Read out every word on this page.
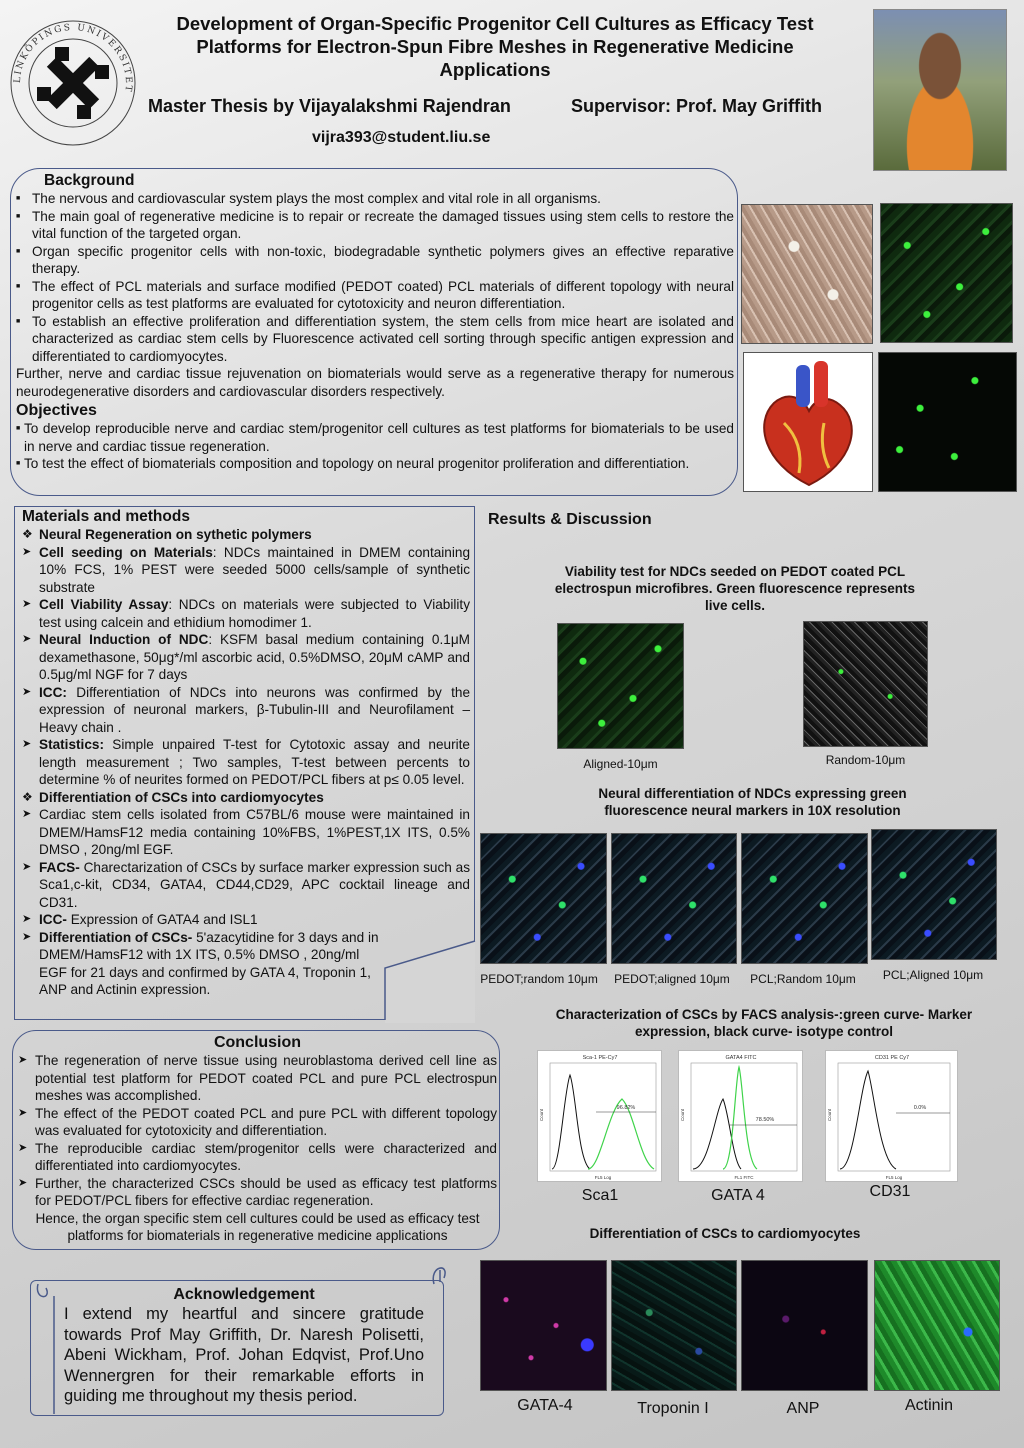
LINKÖPINGS UNIVERSITET
Development of Organ-Specific Progenitor Cell Cultures as Efficacy Test Platforms for Electron-Spun Fibre Meshes in Regenerative Medicine Applications
Master Thesis by Vijayalakshmi Rajendran	Supervisor: Prof. May Griffith
vijra393@student.liu.se
Background
■ The nervous and cardiovascular system plays the most complex and vital role in all organisms.
■ The main goal of regenerative medicine is to repair or recreate the damaged tissues using stem cells to restore the vital function of the targeted organ.
■ Organ specific progenitor cells with non-toxic, biodegradable synthetic polymers gives an effective reparative therapy.
■ The effect of PCL materials and surface modified (PEDOT coated) PCL materials of different topology with neural progenitor cells as test platforms are evaluated for cytotoxicity and neuron differentiation.
■ To establish an effective proliferation and differentiation system, the stem cells from mice heart are isolated and characterized as cardiac stem cells by Fluorescence activated cell sorting through specific antigen expression and differentiated to cardiomyocytes.
Further, nerve and cardiac tissue rejuvenation on biomaterials would serve as a regenerative therapy for numerous neurodegenerative disorders and cardiovascular disorders respectively.
Objectives
■ To develop reproducible nerve and cardiac stem/progenitor cell cultures as test platforms for biomaterials to be used in nerve and cardiac tissue regeneration.
■ To test the effect of biomaterials composition and topology on neural progenitor proliferation and differentiation.
Materials and methods
❖ Neural Regeneration on sythetic polymers
➤ Cell seeding on Materials: NDCs maintained in DMEM containing 10% FCS, 1% PEST were seeded 5000 cells/sample of synthetic substrate
➤ Cell Viability Assay: NDCs on materials were subjected to Viability test using calcein and ethidium homodimer 1.
➤ Neural Induction of NDC: KSFM basal medium containing 0.1μM dexamethasone, 50μg*/ml ascorbic acid, 0.5%DMSO, 20μM cAMP and 0.5μg/ml NGF for 7 days
➤ ICC: Differentiation of NDCs into neurons was confirmed by the expression of neuronal markers, β-Tubulin-III and Neurofilament – Heavy chain .
➤ Statistics: Simple unpaired T-test for Cytotoxic assay and neurite length measurement ; Two samples, T-test between percents to determine % of neurites formed on PEDOT/PCL fibers at p≤ 0.05 level.
❖ Differentiation of CSCs into cardiomyocytes
➤ Cardiac stem cells isolated from C57BL/6 mouse were maintained in DMEM/HamsF12 media containing 10%FBS, 1%PEST,1X ITS, 0.5% DMSO , 20ng/ml EGF.
➤ FACS- Charectarization of CSCs by surface marker expression such as Sca1,c-kit, CD34, GATA4, CD44,CD29, APC cocktail lineage and CD31.
➤ ICC- Expression of GATA4 and ISL1
➤ Differentiation of CSCs- 5'azacytidine for 3 days and in DMEM/HamsF12 with 1X ITS, 0.5% DMSO , 20ng/ml EGF for 21 days and confirmed by GATA 4, Troponin 1, ANP and Actinin expression.
Conclusion
➤ The regeneration of nerve tissue using neuroblastoma derived cell line as potential test platform for PEDOT coated PCL and pure PCL electrospun meshes was accomplished.
➤ The effect of the PEDOT coated PCL and pure PCL with different topology was evaluated for cytotoxicity and differentiation.
➤ The reproducible cardiac stem/progenitor cells were characterized and differentiated into cardiomyocytes.
➤ Further, the characterized CSCs should be used as efficacy test platforms for PEDOT/PCL fibers for effective cardiac regeneration.
Hence, the organ specific stem cell cultures could be used as efficacy test platforms for biomaterials in regenerative medicine applications
Acknowledgement
I extend my heartful and sincere gratitude towards Prof May Griffith, Dr. Naresh Polisetti, Abeni Wickham, Prof. Johan Edqvist, Prof.Uno Wennergren for their remarkable efforts in guiding me throughout my thesis period.
Results & Discussion
Viability test for NDCs seeded on PEDOT coated PCL electrospun microfibres. Green fluorescence represents live cells.
Aligned-10μm	Random-10μm
Neural differentiation of NDCs expressing green fluorescence neural markers in 10X resolution
PEDOT;random 10μm	PEDOT;aligned 10μm	PCL;Random 10μm	PCL;Aligned 10μm
Characterization of CSCs by FACS analysis-:green curve- Marker expression, black curve- isotype control
Sca-1 PE-Cy7
96.82%
FL5 Log
Count
GATA4 FITC
78.50%
FL1 FITC
Count
CD31 PE Cy7
0.0%
FL5 Log
Count
Sca1	GATA 4	CD31
Differentiation of CSCs to cardiomyocytes
GATA-4	Troponin I	ANP	Actinin
